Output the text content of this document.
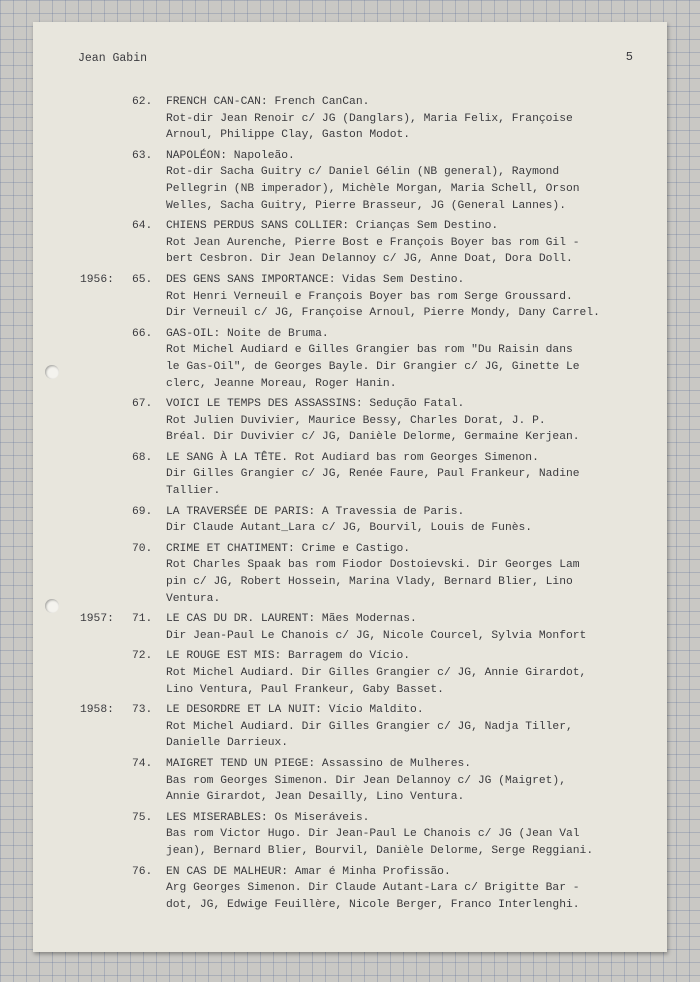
Jean Gabin	5
62. FRENCH CAN-CAN: French CanCan.
Rot-dir Jean Renoir c/ JG (Danglars), Maria Felix, Françoise
Arnoul, Philippe Clay, Gaston Modot.
63. NAPOLÉON: Napoleão.
Rot-dir Sacha Guitry c/ Daniel Gélin (NB general), Raymond
Pellegrin (NB imperador), Michèle Morgan, Maria Schell, Orson
Welles, Sacha Guitry, Pierre Brasseur, JG (General Lannes).
64. CHIENS PERDUS SANS COLLIER: Crianças Sem Destino.
Rot Jean Aurenche, Pierre Bost e François Boyer bas rom Gil -
bert Cesbron. Dir Jean Delannoy c/ JG, Anne Doat, Dora Doll.
1956: 65. DES GENS SANS IMPORTANCE: Vidas Sem Destino.
Rot Henri Verneuil e François Boyer bas rom Serge Groussard.
Dir Verneuil c/ JG, Françoise Arnoul, Pierre Mondy, Dany Carrel.
66. GAS-OIL: Noite de Bruma.
Rot Michel Audiard e Gilles Grangier bas rom "Du Raisin dans
le Gas-Oil", de Georges Bayle. Dir Grangier c/ JG, Ginette Le
clerc, Jeanne Moreau, Roger Hanin.
67. VOICI LE TEMPS DES ASSASSINS: Sedução Fatal.
Rot Julien Duvivier, Maurice Bessy, Charles Dorat, J. P.
Bréal. Dir Duvivier c/ JG, Danièle Delorme, Germaine Kerjean.
68. LE SANG À LA TÊTE. Rot Audiard bas rom Georges Simenon.
Dir Gilles Grangier c/ JG, Renée Faure, Paul Frankeur, Nadine
Tallier.
69. LA TRAVERSÉE DE PARIS: A Travessia de Paris.
Dir Claude Autant_Lara c/ JG, Bourvil, Louis de Funès.
70. CRIME ET CHATIMENT: Crime e Castigo.
Rot Charles Spaak bas rom Fiodor Dostoievski. Dir Georges Lam
pin c/ JG, Robert Hossein, Marina Vlady, Bernard Blier, Lino
Ventura.
1957: 71. LE CAS DU DR. LAURENT: Mães Modernas.
Dir Jean-Paul Le Chanois c/ JG, Nicole Courcel, Sylvia Monfort
72. LE ROUGE EST MIS: Barragem do Vício.
Rot Michel Audiard. Dir Gilles Grangier c/ JG, Annie Girardot,
Lino Ventura, Paul Frankeur, Gaby Basset.
1958: 73. LE DESORDRE ET LA NUIT: Vício Maldito.
Rot Michel Audiard. Dir Gilles Grangier c/ JG, Nadja Tiller,
Danielle Darrieux.
74. MAIGRET TEND UN PIEGE: Assassino de Mulheres.
Bas rom Georges Simenon. Dir Jean Delannoy c/ JG (Maigret),
Annie Girardot, Jean Desailly, Lino Ventura.
75. LES MISERABLES: Os Miseráveis.
Bas rom Victor Hugo. Dir Jean-Paul Le Chanois c/ JG (Jean Val
jean), Bernard Blier, Bourvil, Danièle Delorme, Serge Reggiani.
76. EN CAS DE MALHEUR: Amar é Minha Profissão.
Arg Georges Simenon. Dir Claude Autant-Lara c/ Brigitte Bar -
dot, JG, Edwige Feuillère, Nicole Berger, Franco Interlenghi.
